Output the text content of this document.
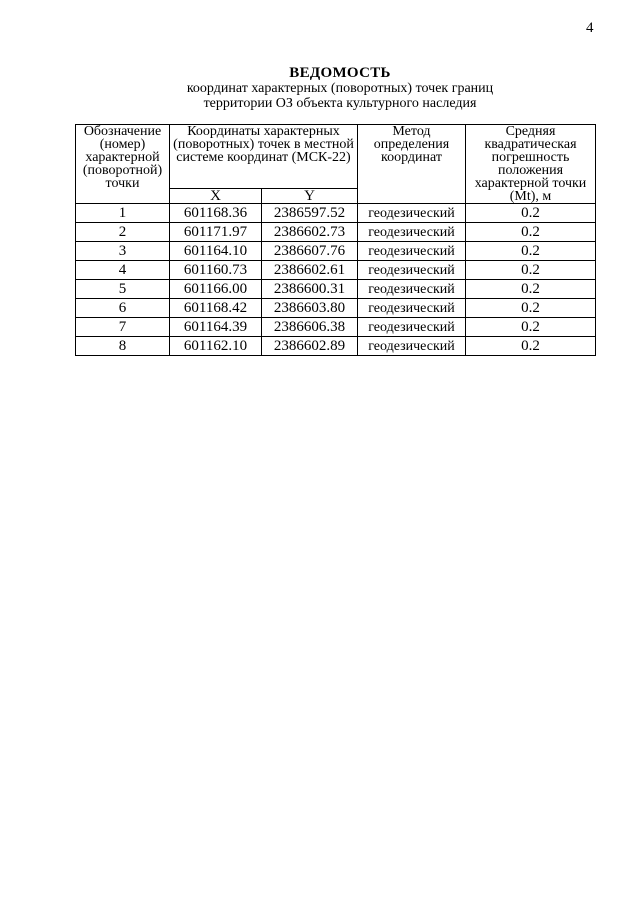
4
ВЕДОМОСТЬ
координат характерных (поворотных) точек границ
территории ОЗ объекта культурного наследия
Обозначение (номер) характерной (поворотной) точки	Координаты характерных (поворотных) точек в местной системе координат (МСК-22)		Метод определения координат	Средняя квадратическая погрешность положения характерной точки (Mt), м
	X	Y		
1	601168.36	2386597.52	геодезический	0.2
2	601171.97	2386602.73	геодезический	0.2
3	601164.10	2386607.76	геодезический	0.2
4	601160.73	2386602.61	геодезический	0.2
5	601166.00	2386600.31	геодезический	0.2
6	601168.42	2386603.80	геодезический	0.2
7	601164.39	2386606.38	геодезический	0.2
8	601162.10	2386602.89	геодезический	0.2
